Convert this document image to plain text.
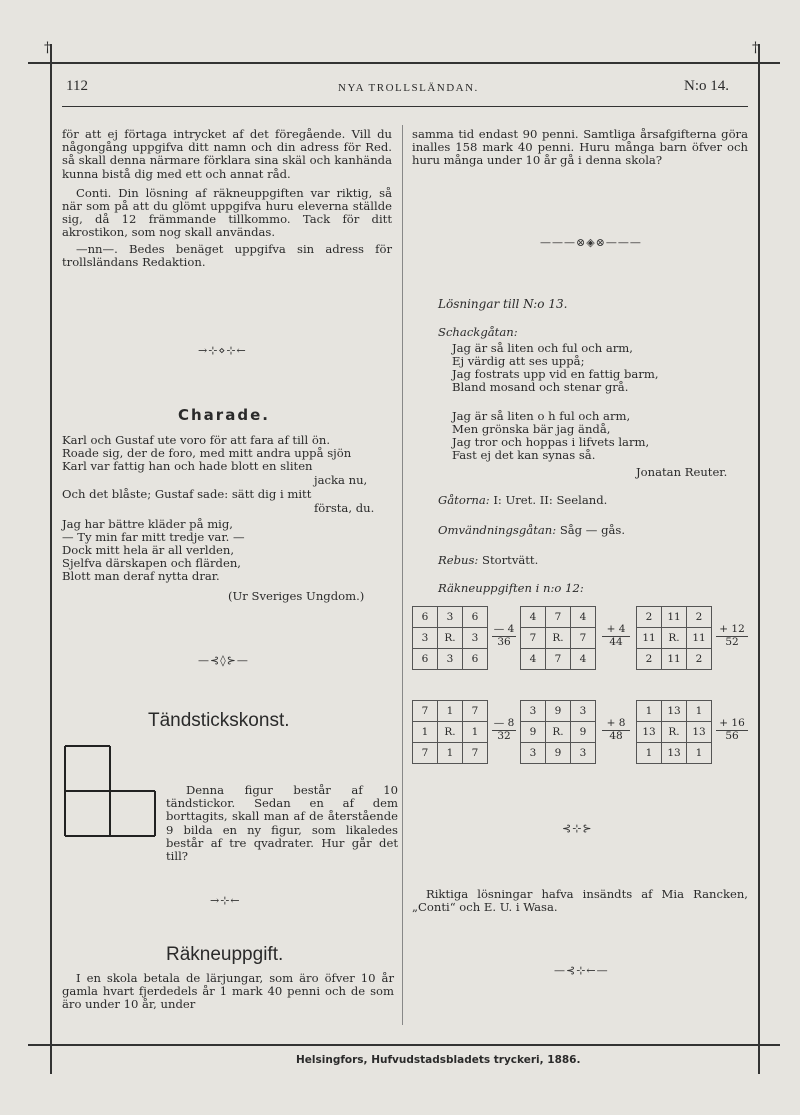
†	†
112	NYA TROLLSLÄNDAN.	N:o 14.

för att ej förtaga intrycket af det föregående. Vill du någongång uppgifva ditt namn och din adress för Red. så skall denna närmare förklara sina skäl och kanhända kunna bistå dig med ett och annat råd.

Conti. Din lösning af räkneuppgiften var riktig, så när som på att du glömt uppgifva huru eleverna ställde sig, då 12 främmande tillkommo. Tack för ditt akrostikon, som nog skall användas.

—nn—. Bedes benäget uppgifva sin adress för trollsländans Redaktion.

→⊹⋄⊹←
Charade.
Karl och Gustaf ute voro för att fara af till ön.
Roade sig, der de foro, med mitt andra uppå sjön
Karl var fattig han och hade blott en sliten
jacka nu,
Och det blåste; Gustaf sade: sätt dig i mitt
första, du.
Jag har bättre kläder på mig,
— Ty min far mitt tredje var. —
Dock mitt hela är all verlden,
Sjelfva därskapen och flärden,
Blott man deraf nytta drar.
(Ur Sveriges Ungdom.)
—⊰◊⊱—
Tändstickskonst.

Denna figur består af 10 tändstickor. Sedan en af dem borttagits, skall man af de återstående 9 bilda en ny figur, som likaledes består af tre qvadrater. Hur går det till?

→⊹←
Räkneuppgift.

I en skola betala de lärjungar, som äro öfver 10 år gamla hvart fjerdedels år 1 mark 40 penni och de som äro under 10 år, under

samma tid endast 90 penni. Samtliga årsafgifterna göra inalles 158 mark 40 penni. Huru många barn öfver och huru många under 10 år gå i denna skola?

———⊗◈⊗———
Lösningar till N:o 13.
Schackgåtan:
Jag är så liten och ful och arm,
Ej värdig att ses uppå;
Jag fostrats upp vid en fattig barm,
Bland mosand och stenar grå.
Jag är så liten o h ful och arm,
Men grönska bär jag ändå,
Jag tror och hoppas i lifvets larm,
Fast ej det kan synas så.
Jonatan Reuter.
Gåtorna: I: Uret. II: Seeland.
Omvändningsgåtan: Såg — gås.
Rebus: Stortvätt.
Räkneuppgiften i n:o 12:
6	3	6
3	R.	3
6	3	6
— 4
36
4	7	4
7	R.	7
4	7	4
+ 4
44
2	11	2
11	R.	11
2	11	2
+ 12
52
7	1	7
1	R.	1
7	1	7
— 8
32
3	9	3
9	R.	9
3	9	3
+ 8
48
1	13	1
13	R.	13
1	13	1
+ 16
56
⊰⊹⊱

Riktiga lösningar hafva insändts af Mia Rancken, „Conti“ och E. U. i Wasa.

—⊰⊹←—
Helsingfors, Hufvudstadsbladets tryckeri, 1886.
